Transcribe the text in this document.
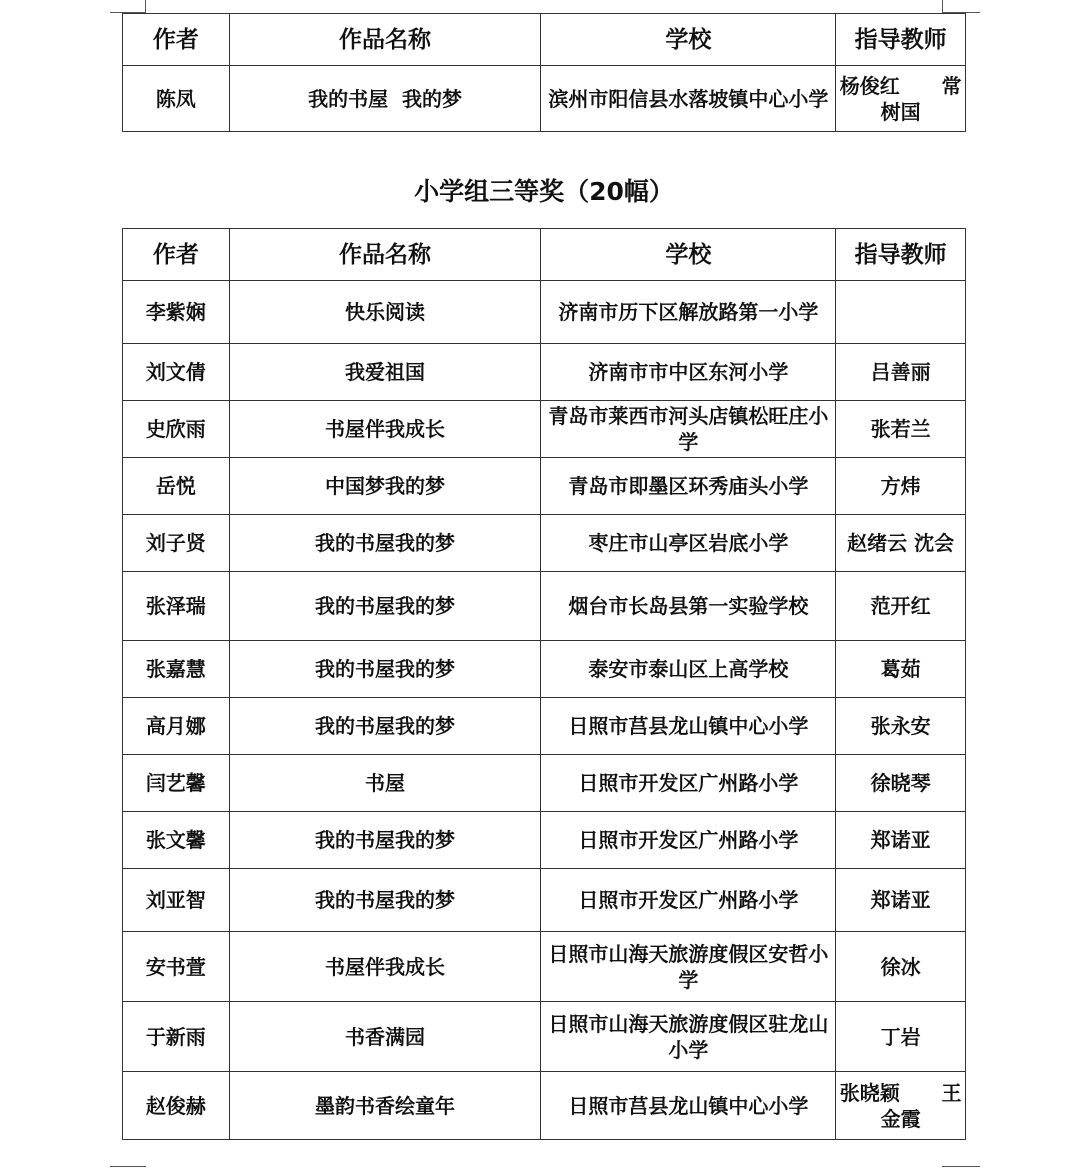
作者	作品名称	学校	指导教师
陈凤	我的书屋  我的梦	滨州市阳信县水落坡镇中心小学	杨俊红      常树国
小学组三等奖（20幅）
作者	作品名称	学校	指导教师
李紫娴	快乐阅读	济南市历下区解放路第一小学	
刘文倩	我爱祖国	济南市市中区东河小学	吕善丽
史欣雨	书屋伴我成长	青岛市莱西市河头店镇松旺庄小学	张若兰
岳悦	中国梦我的梦	青岛市即墨区环秀庙头小学	方炜
刘子贤	我的书屋我的梦	枣庄市山亭区岩底小学	赵绪云 沈会
张泽瑞	我的书屋我的梦	烟台市长岛县第一实验学校	范开红
张嘉慧	我的书屋我的梦	泰安市泰山区上高学校	葛茹
高月娜	我的书屋我的梦	日照市莒县龙山镇中心小学	张永安
闫艺馨	书屋	日照市开发区广州路小学	徐晓琴
张文馨	我的书屋我的梦	日照市开发区广州路小学	郑诺亚
刘亚智	我的书屋我的梦	日照市开发区广州路小学	郑诺亚
安书萱	书屋伴我成长	日照市山海天旅游度假区安哲小学	徐冰
于新雨	书香满园	日照市山海天旅游度假区驻龙山小学	丁岩
赵俊赫	墨韵书香绘童年	日照市莒县龙山镇中心小学	张晓颖      王金霞
